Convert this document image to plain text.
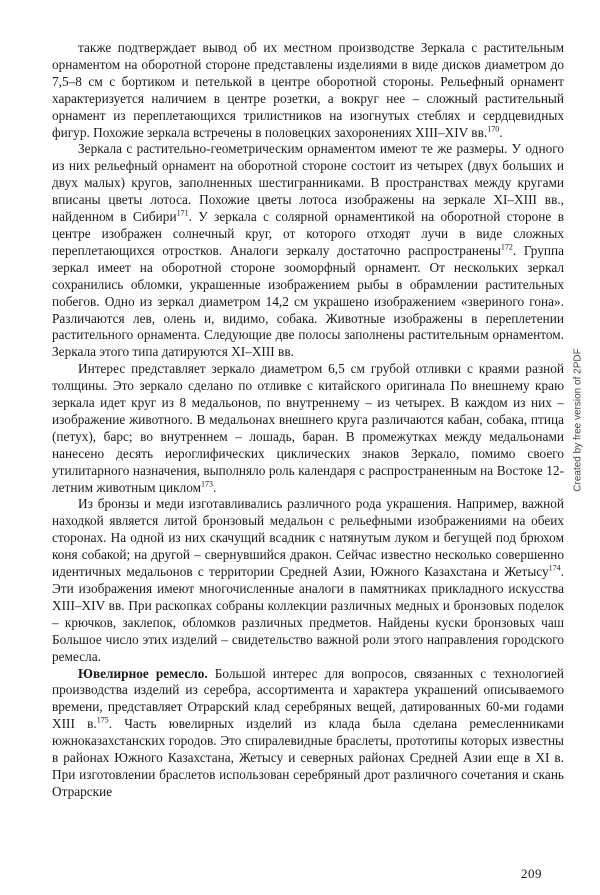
также подтверждает вывод об их местном производстве Зеркала с растительным орнаментом на оборотной стороне представлены изделиями в виде дисков диаметром до 7,5–8 см с бортиком и петелькой в центре оборотной стороны. Рельефный орнамент характеризуется наличием в центре розетки, а вокруг нее – сложный растительный орнамент из переплетающихся трилистников на изогнутых стеблях и сердцевидных фигур. Похожие зеркала встречены в половецких захоронениях XIII–XIV вв.$^{170}$.

Зеркала с растительно-геометрическим орнаментом имеют те же размеры. У одного из них рельефный орнамент на оборотной стороне состоит из четырех (двух больших и двух малых) кругов, заполненных шестигранниками. В пространствах между кругами вписаны цветы лотоса. Похожие цветы лотоса изображены на зеркале XI–XIII вв., найденном в Сибири$^{171}$. У зеркала с солярной орнаментикой на оборотной стороне в центре изображен солнечный круг, от которого отходят лучи в виде сложных переплетающихся отростков. Аналоги зеркалу достаточно распространены$^{172}$. Группа зеркал имеет на оборотной стороне зооморфный орнамент. От нескольких зеркал сохранились обломки, украшенные изображением рыбы в обрамлении растительных побегов. Одно из зеркал диаметром 14,2 см украшено изображением «звериного гона». Различаются лев, олень и, видимо, собака. Животные изображены в переплетении растительного орнамента. Следующие две полосы заполнены растительным орнаментом. Зеркала этого типа датируются XI–XIII вв.

Интерес представляет зеркало диаметром 6,5 см грубой отливки с краями разной толщины. Это зеркало сделано по отливке с китайского оригинала По внешнему краю зеркала идет круг из 8 медальонов, по внутреннему – из четырех. В каждом из них – изображение животного. В медальонах внешнего круга различаются кабан, собака, птица (петух), барс; во внутреннем – лошадь, баран. В промежутках между медальонами нанесено десять иероглифических циклических знаков Зеркало, помимо своего утилитарного назначения, выполняло роль календаря с распространенным на Востоке 12-летним животным циклом$^{173}$.

Из бронзы и меди изготавливались различного рода украшения. Например, важной находкой является литой бронзовый медальон с рельефными изображениями на обеих сторонах. На одной из них скачущий всадник с натянутым луком и бегущей под брюхом коня собакой; на другой – свернувшийся дракон. Сейчас известно несколько совершенно идентичных медальонов с территории Средней Азии, Южного Казахстана и Жетысу$^{174}$. Эти изображения имеют многочисленные аналоги в памятниках прикладного искусства XIII–XIV вв. При раскопках собраны коллекции различных медных и бронзовых поделок – крючков, заклепок, обломков различных предметов. Найдены куски бронзовых чаш Большое число этих изделий – свидетельство важной роли этого направления городского ремесла.

Ювелирное ремесло. Большой интерес для вопросов, связанных с технологией производства изделий из серебра, ассортимента и характера украшений описываемого времени, представляет Отрарский клад серебряных вещей, датированных 60-ми годами XIII в.$^{175}$. Часть ювелирных изделий из клада была сделана ремесленниками южноказахстанских городов. Это спиралевидные браслеты, прототипы которых известны в районах Южного Казахстана, Жетысу и северных районах Средней Азии еще в XI в. При изготовлении браслетов использован серебряный дрот различного сочетания и скань Отрарские

209
Created by free version of 2PDF
